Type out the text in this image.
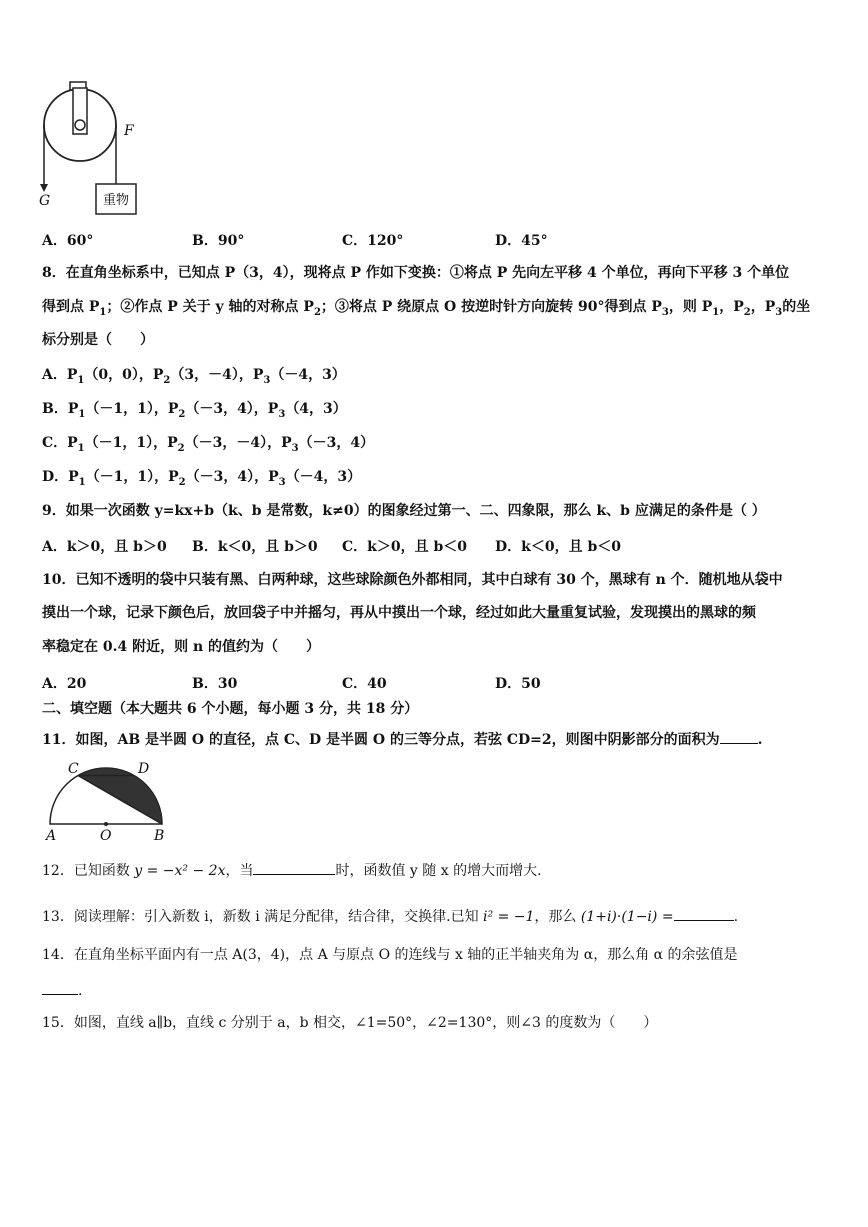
重物
F
G
A．60°	B．90°	C．120°	D．45°
8．在直角坐标系中，已知点 P（3，4），现将点 P 作如下变换：①将点 P 先向左平移 4 个单位，再向下平移 3 个单位
得到点 $P_1$；②作点 P 关于 y 轴的对称点 $P_2$；③将点 P 绕原点 O 按逆时针方向旋转 90°得到点 $P_3$，则 $P_1$，$P_2$，$P_3$的坐
标分别是（　　）
A．$P_1(0$，0），$P_2(3$，－4），$P_3(-4$，3）
B．$P_1(-1$，1），$P_2(-3$，4），$P_3(4$，3）
C．$P_1(-1$，1），$P_2(-3$，－4），$P_3(-3$，4）
D．$P_1(-1$，1），$P_2(-3$，4），$P_3(-4$，3）
9．如果一次函数 y=kx+b（k、b 是常数，k≠0）的图象经过第一、二、四象限，那么 k、b 应满足的条件是（ ）
A．k＞0，且 b＞0 B．k＜0，且 b＞0 C．k＞0，且 b＜0 D．k＜0，且 b＜0
10．已知不透明的袋中只装有黑、白两种球，这些球除颜色外都相同，其中白球有 30 个，黑球有 n 个．随机地从袋中
摸出一个球，记录下颜色后，放回袋子中并摇匀，再从中摸出一个球，经过如此大量重复试验，发现摸出的黑球的频
率稳定在 0.4 附近，则 n 的值约为（　　）
A．20	B．30	C．40	D．50
二、填空题（本大题共 6 个小题，每小题 3 分，共 18 分）
11．如图，AB 是半圆 O 的直径，点 C、D 是半圆 O 的三等分点，若弦 CD=2，则图中阴影部分的面积为	.
C	D
A	O	B
12．已知函数 y = −x² − 2x，当	时，函数值 y 随 x 的增大而增大.
13．阅读理解：引入新数 i，新数 i 满足分配律，结合律，交换律.已知 i² = −1，那么 (1+i)·(1−i) =	.
14．在直角坐标平面内有一点 A(3，4)，点 A 与原点 O 的连线与 x 轴的正半轴夹角为 α，那么角 α 的余弦值是
.
15．如图，直线 a∥b，直线 c 分别于 a，b 相交，∠1=50°，∠2=130°，则∠3 的度数为（　　）
